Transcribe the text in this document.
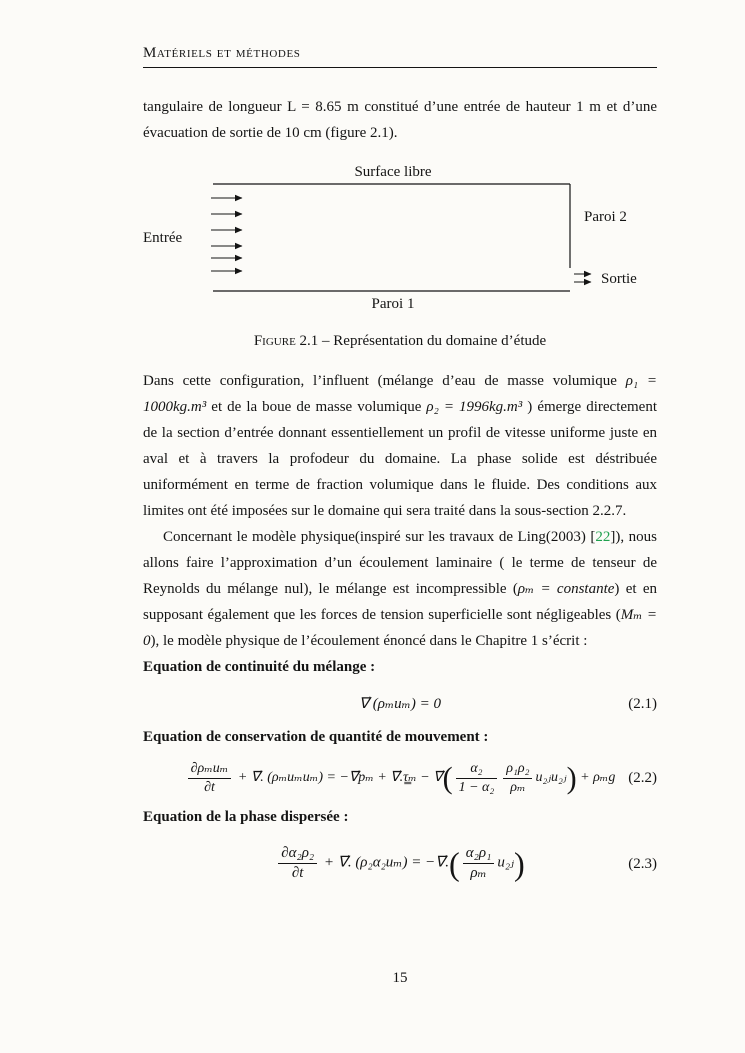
Matériels et méthodes

tangulaire de longueur L = 8.65 m constitué d’une entrée de hauteur 1 m et d’une évacuation de sortie de 10 cm (figure 2.1).

Surface libre
Entrée
Paroi 2
Sortie
Paroi 1
Figure 2.1 – Représentation du domaine d’étude

Dans cette configuration, l’influent (mélange d’eau de masse volumique ρ₁ = 1000kg.m³ et de la boue de masse volumique ρ₂ = 1996kg.m³ ) émerge directement de la section d’entrée donnant essentiellement un profil de vitesse uniforme juste en aval et à travers la profodeur du domaine. La phase solide est déstribuée uniformément en terme de fraction volumique dans le fluide. Des conditions aux limites ont été imposées sur le domaine qui sera traité dans la sous-section 2.2.7.

Concernant le modèle physique(inspiré sur les travaux de Ling(2003) [22]), nous allons faire l’approximation d’un écoulement laminaire ( le terme de tenseur de Reynolds du mélange nul), le mélange est incompressible (ρₘ = constante) et en supposant également que les forces de tension superficielle sont négligeables (Mₘ = 0), le modèle physique de l’écoulement énoncé dans le Chapitre 1 s’écrit :

Equation de continuité du mélange :

∇⃗ (ρₘuₘ) = 0	(2.1)

Equation de conservation de quantité de mouvement :

$\frac{\text{∂ρₘuₘ}}{\partial t}$ + ∇⃗. (ρₘuₘuₘ) = −∇⃗pₘ + ∇⃗.τ̳ₘ − ∇⃗( $\frac{\text{α₂}}{\text{1 − α₂}} \frac{\text{ρ₁ρ₂}}{\text{ρₘ}}$ u₂ⱼu₂ⱼ) + ρₘg (2.2)

Equation de la phase dispersée :

$\frac{\text{∂α₂ρ₂}}{\partial t}$ + ∇⃗. (ρ₂α₂uₘ) = −∇⃗.( $\frac{\text{α₂ρ₁}}{\text{ρₘ}}$ u₂ⱼ)	(2.3)
15
